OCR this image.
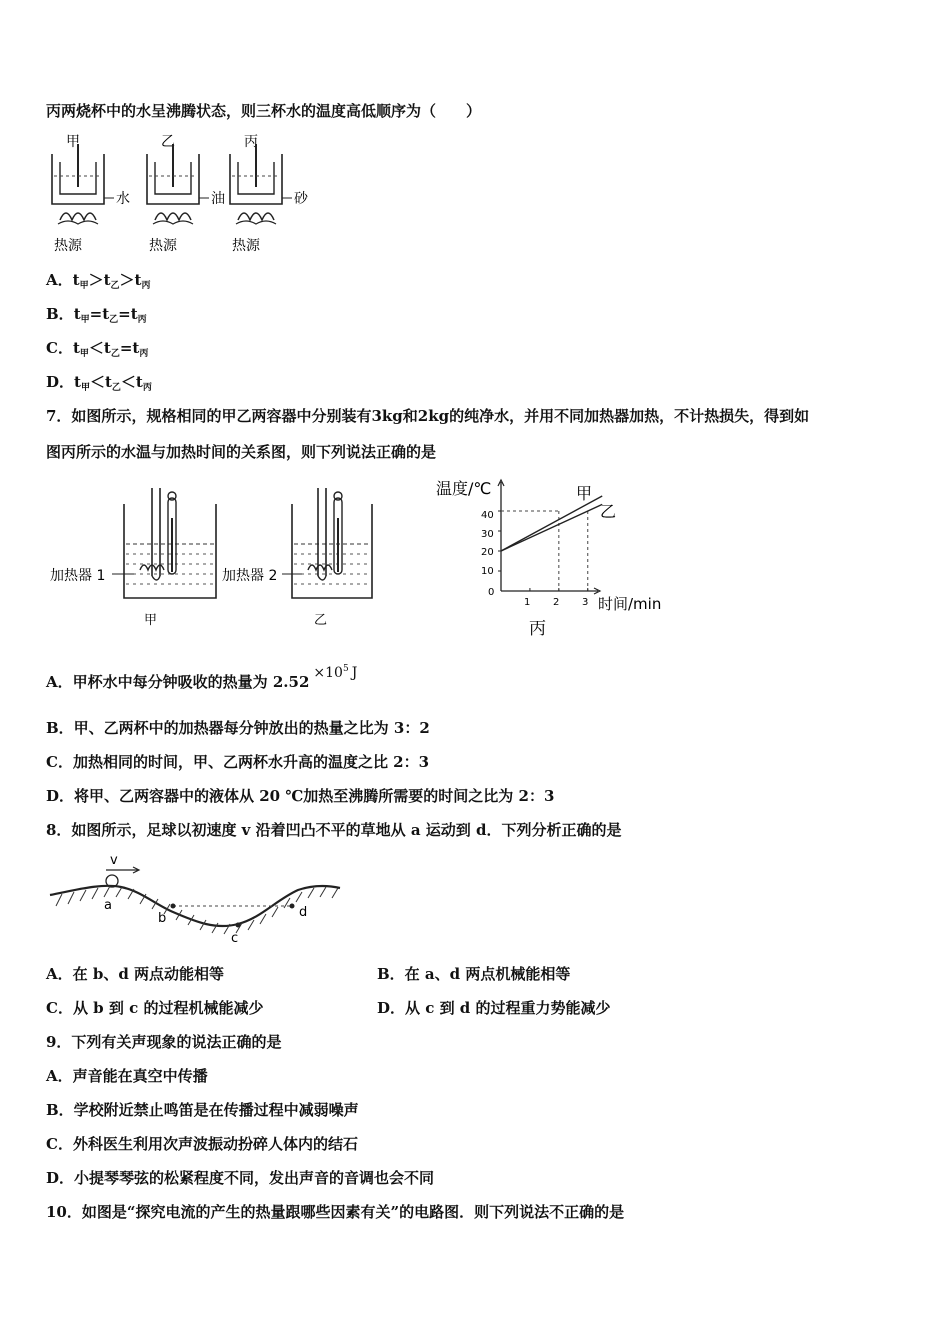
丙两烧杯中的水呈沸腾状态，则三杯水的温度高低顺序为（　　）
甲
水
热源
乙
油
热源
丙
砂
热源
A．$t_甲>t_乙>t_丙$
B．$t_甲=t_乙=t_丙$
C．$t_甲<t_乙=t_丙$
D．$t_甲<t_乙<t_丙$
7．如图所示，规格相同的甲乙两容器中分别装有3kg和2kg的纯净水，并用不同加热器加热，不计热损失，得到如
图丙所示的水温与加热时间的关系图，则下列说法正确的是
加热器 1
甲
加热器 2
乙
温度/℃
时间/min
丙
40
30
20
10
0
1 2 3
甲
乙
A．甲杯水中每分钟吸收的热量为 $2.52 \times 10^5$ J
B．甲、乙两杯中的加热器每分钟放出的热量之比为 3：2
C．加热相同的时间，甲、乙两杯水升高的温度之比 2：3
D．将甲、乙两容器中的液体从 20 ℃加热至沸腾所需要的时间之比为 2：3
8．如图所示，足球以初速度 v 沿着凹凸不平的草地从 a 运动到 d．下列分析正确的是
v
a
b
c
d
A．在 b、d 两点动能相等	B．在 a、d 两点机械能相等
C．从 b 到 c 的过程机械能减少	D．从 c 到 d 的过程重力势能减少
9．下列有关声现象的说法正确的是
A．声音能在真空中传播
B．学校附近禁止鸣笛是在传播过程中减弱噪声
C．外科医生利用次声波振动扮碎人体内的结石
D．小提琴琴弦的松紧程度不同，发出声音的音调也会不同
10．如图是“探究电流的产生的热量跟哪些因素有关”的电路图．则下列说法不正确的是
